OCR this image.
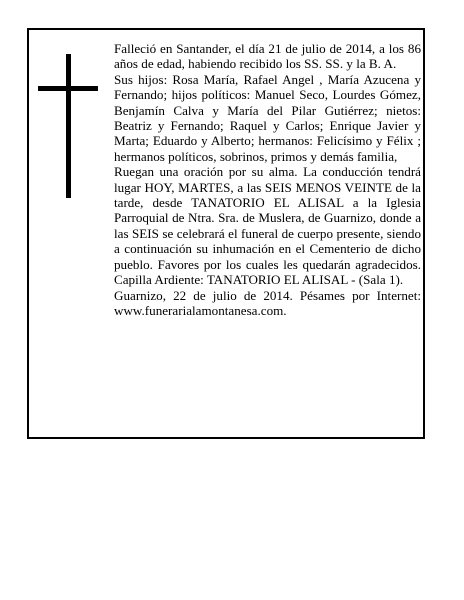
Falleció en Santander, el día 21 de julio de 2014, a los 86 años de edad, habiendo recibido los SS. SS. y la B. A.

Sus hijos: Rosa María, Rafael Angel , María Azucena y Fernando; hijos políticos: Manuel Seco, Lourdes Gómez, Benjamín Calva y María del Pilar Gutiérrez; nietos: Beatriz y Fernando; Raquel y Carlos; Enrique Javier y Marta; Eduardo y Alberto; hermanos: Felicísimo y Félix ; hermanos políticos, sobrinos, primos y demás familia,

Ruegan una oración por su alma. La conducción tendrá lugar HOY, MARTES, a las SEIS MENOS VEINTE de la tarde, desde TANATORIO EL ALISAL a la Iglesia Parroquial de Ntra. Sra. de Muslera, de Guarnizo, donde a las SEIS se celebrará el funeral de cuerpo presente, siendo a continuación su inhumación en el Cementerio de dicho pueblo. Favores por los cuales les quedarán agradecidos. Capilla Ardiente: TANATORIO EL ALISAL - (Sala 1).

Guarnizo, 22 de julio de 2014. Pésames por Internet: www.funerarialamontanesa.com.
